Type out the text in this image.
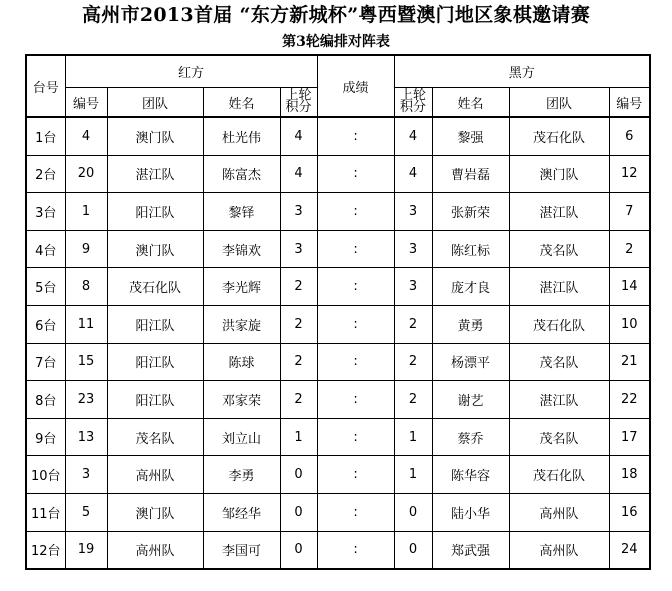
高州市2013首届 “东方新城杯”粤西暨澳门地区象棋邀请赛
第3轮编排对阵表
台号	红方				成绩	黑方			
	编号	团队	姓名	上轮积分		上轮积分	姓名	团队	编号
1台	4	澳门队	杜光伟	4	:	4	黎强	茂石化队	6
2台	20	湛江队	陈富杰	4	:	4	曹岩磊	澳门队	12
3台	1	阳江队	黎铎	3	:	3	张新荣	湛江队	7
4台	9	澳门队	李锦欢	3	:	3	陈红标	茂名队	2
5台	8	茂石化队	李光辉	2	:	3	庞才良	湛江队	14
6台	11	阳江队	洪家旋	2	:	2	黄勇	茂石化队	10
7台	15	阳江队	陈球	2	:	2	杨漂平	茂名队	21
8台	23	阳江队	邓家荣	2	:	2	谢艺	湛江队	22
9台	13	茂名队	刘立山	1	:	1	蔡乔	茂名队	17
10台	3	高州队	李勇	0	:	1	陈华容	茂石化队	18
11台	5	澳门队	邹经华	0	:	0	陆小华	高州队	16
12台	19	高州队	李国可	0	:	0	郑武强	高州队	24
